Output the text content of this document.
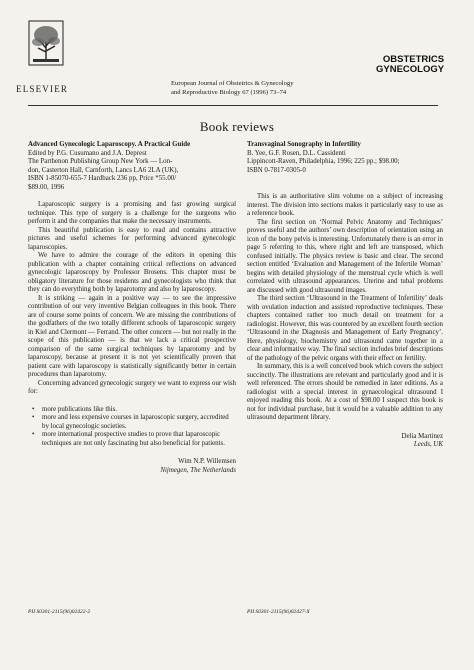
ELSEVIER
European Journal of Obstetrics & Gynecology
and Reproductive Biology 67 (1996) 73–74
OBSTETRICS
GYNECOLOGY
Book reviews
Advanced Gynecologic Laparoscopy. A Practical Guide
Edited by P.G. Cusumano and J.A. Deprest
The Parthenon Publishing Group New York — Lon-
don, Casterton Hall, Carnforth, Lancs LA6 2LA (UK),
ISBN 1-85070-655-7 Hardback 236 pp, Price *55.00/
$89.00, 1996

Laparoscopic surgery is a promising and fast growing surgical technique. This type of surgery is a challenge for the surgeons who perform it and the companies that make the necessary instruments.

This beautiful publication is easy to read and contains attractive pictures and useful schemes for performing advanced gynecologic laparoscopies.

We have to admire the courage of the editors in opening this publication with a chapter containing critical reflections on advanced gynecologic laparoscopy by Professor Brosens. This chapter must be obligatory literature for those residents and gynecologists who think that they can do everything both by laparotomy and also by laparoscopy.

It is striking — again in a positive way — to see the impressive contribution of our very inventive Belgian colleagues in this book. There are of course some points of concern. We are missing the contributions of the godfathers of the two totally different schools of laparoscopic surgery in Kiel and Clermont — Ferrand. The other concern — but not really in the scope of this publication — is that we lack a critical prospective comparison of the same surgical techniques by laparotomy and by laparoscopy, because at present it is not yet scientifically proven that patient care with laparoscopy is statistically significantly better in certain procedures than laparotomy.

Concerning advanced gynecologic surgery we want to express our wish for:

• more publications like this.
• more and less expensive courses in laparoscopic surgery, accredited by local gynecologic societies.
• more international prospective studies to prove that laparoscopic techniques are not only fascinating but also beneficial for patients.
Wim N.P. Willemsen
Nijmegen, The Netherlands
Transvaginal Sonography in Infertility
B. Yee, G.F. Rosen, D.L. Cassidenti
Lippincott-Raven, Philadelphia, 1996; 225 pp.; $98.00;
ISBN 0-7817-0305-0

This is an authoritative slim volume on a subject of increasing interest. The division into sections makes it particularly easy to use as a reference book.

The first section on ‘Normal Pelvic Anatomy and Techniques’ proves useful and the authors’ own description of orientation using an icon of the bony pelvis is interesting. Unfortunately there is an error in page 5 referring to this, where right and left are transposed, which confused initially. The physics review is basic and clear. The second section entitled ‘Evaluation and Management of the Infertile Woman’ begins with detailed physiology of the menstrual cycle which is well correlated with ultrasound appearances. Uterine and tubal problems are discussed with good ultrasound images.

The third section ‘Ultrasound in the Treatment of Infertility’ deals with ovulation induction and assisted reproductive techniques. These chapters contained rather too much detail on treatment for a radiologist. However, this was countered by an excellent fourth section ‘Ultrasound in the Diagnosis and Management of Early Pregnancy’. Here, physiology, biochemistry and ultrasound came together in a clear and informative way. The final section includes brief descriptions of the pathology of the pelvic organs with their effect on fertility.

In summary, this is a well conceived book which covers the subject succinctly. The illustrations are relevant and particularly good and it is well referenced. The errors should be remedied in later editions. As a radiologist with a special interest in gynaecological ultrasound I enjoyed reading this book. At a cost of $98.00 I suspect this book is not for individual purchase, but it would be a valuable addition to any ultrasound department library.

Delia Martinez
Leeds, UK
PII S0301-2115(96)02422-2	PII S0301-2115(96)02427-X
